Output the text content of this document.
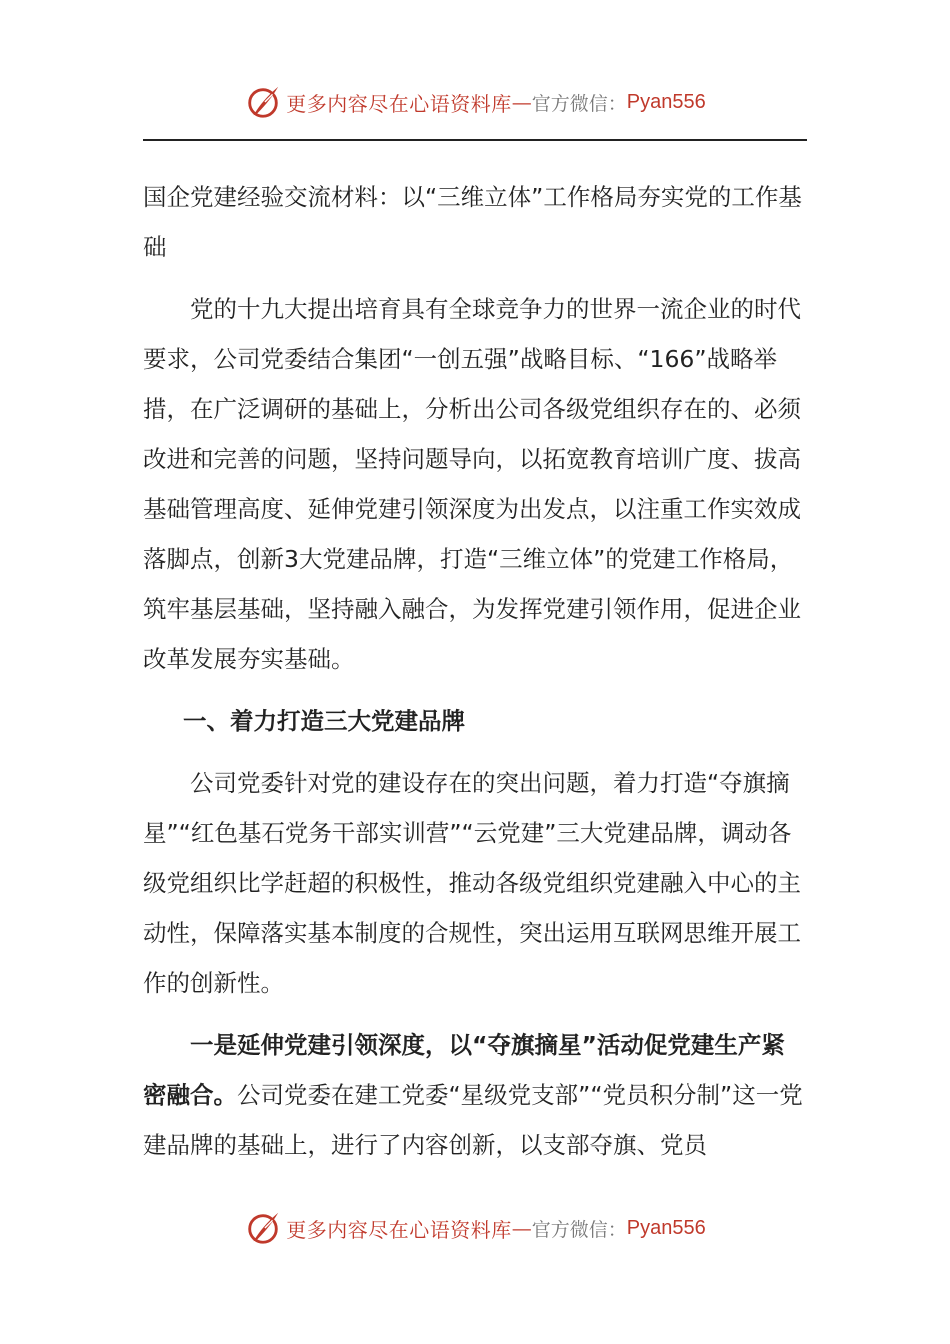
更多内容尽在心语资料库 — 官方微信： Pyan556

国企党建经验交流材料：以“三维立体”工作格局夯实党的工作基础

党的十九大提出培育具有全球竞争力的世界一流企业的时代要求，公司党委结合集团“一创五强”战略目标、“166”战略举措，在广泛调研的基础上，分析出公司各级党组织存在的、必须改进和完善的问题，坚持问题导向，以拓宽教育培训广度、拔高基础管理高度、延伸党建引领深度为出发点，以注重工作实效成落脚点，创新3大党建品牌，打造“三维立体”的党建工作格局，筑牢基层基础，坚持融入融合，为发挥党建引领作用，促进企业改革发展夯实基础。

一、着力打造三大党建品牌

公司党委针对党的建设存在的突出问题，着力打造“夺旗摘星”“红色基石党务干部实训营”“云党建”三大党建品牌，调动各级党组织比学赶超的积极性，推动各级党组织党建融入中心的主动性，保障落实基本制度的合规性，突出运用互联网思维开展工作的创新性。

一是延伸党建引领深度，以“夺旗摘星”活动促党建生产紧密融合。公司党委在建工党委“星级党支部”“党员积分制”这一党建品牌的基础上，进行了内容创新，以支部夺旗、党员

更多内容尽在心语资料库 — 官方微信： Pyan556
